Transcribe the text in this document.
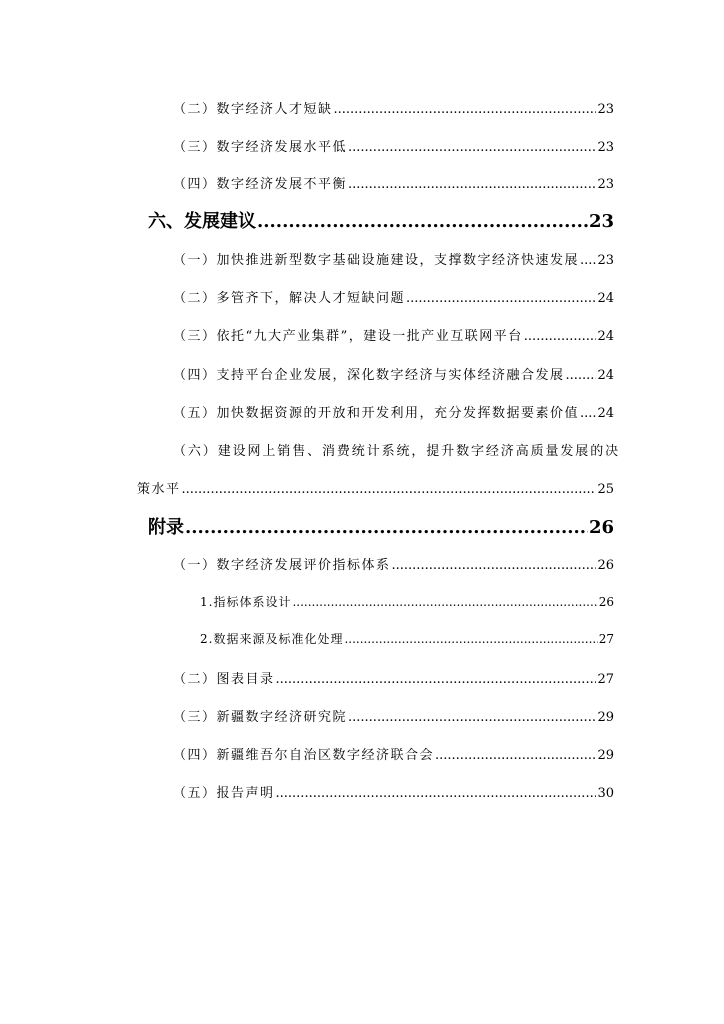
（二）数字经济人才短缺 .....	23
（三）数字经济发展水平低 .....	23
（四）数字经济发展不平衡 .....	23
六、发展建议 .....	23
（一）加快推进新型数字基础设施建设，支撑数字经济快速发展 ..... 23
（二）多管齐下，解决人才短缺问题 .....	24
（三）依托“九大产业集群”，建设一批产业互联网平台 .....	24
（四）支持平台企业发展，深化数字经济与实体经济融合发展 .....	24
（五）加快数据资源的开放和开发利用，充分发挥数据要素价值 ..... 24
（六）建设网上销售、消费统计系统，提升数字经济高质量发展的决
策水平 .....	25
附录 .....	26
（一）数字经济发展评价指标体系 .....	26
1.指标体系设计 .....	26
2.数据来源及标准化处理 .....	27
（二）图表目录 .....	27
（三）新疆数字经济研究院 .....	29
（四）新疆维吾尔自治区数字经济联合会 .....	29
（五）报告声明 .....	30
